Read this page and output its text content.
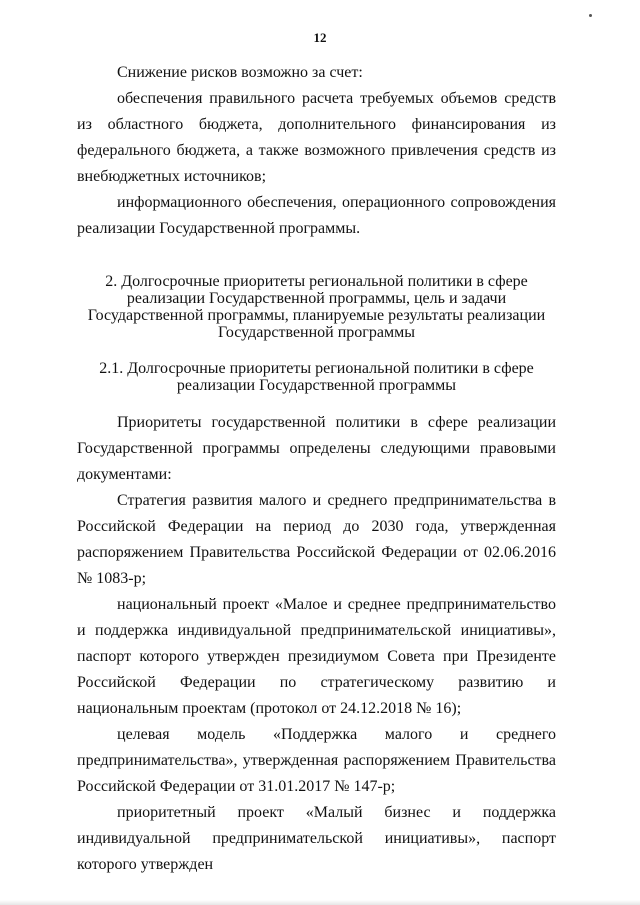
12

Снижение рисков возможно за счет:

обеспечения правильного расчета требуемых объемов средств из областного бюджета, дополнительного финансирования из федерального бюджета, а также возможного привлечения средств из внебюджетных источников;

информационного обеспечения, операционного сопровождения реализации Государственной программы.

2. Долгосрочные приоритеты региональной политики в сфере реализации Государственной программы, цель и задачи Государственной программы, планируемые результаты реализации Государственной программы

2.1. Долгосрочные приоритеты региональной политики в сфере реализации Государственной программы

Приоритеты государственной политики в сфере реализации Государственной программы определены следующими правовыми документами:

Стратегия развития малого и среднего предпринимательства в Российской Федерации на период до 2030 года, утвержденная распоряжением Правительства Российской Федерации от 02.06.2016 № 1083-р;

национальный проект «Малое и среднее предпринимательство и поддержка индивидуальной предпринимательской инициативы», паспорт которого утвержден президиумом Совета при Президенте Российской Федерации по стратегическому развитию и национальным проектам (протокол от 24.12.2018 № 16);

целевая модель «Поддержка малого и среднего предпринимательства», утвержденная распоряжением Правительства Российской Федерации от 31.01.2017 № 147-р;

приоритетный проект «Малый бизнес и поддержка индивидуальной предпринимательской инициативы», паспорт которого утвержден
